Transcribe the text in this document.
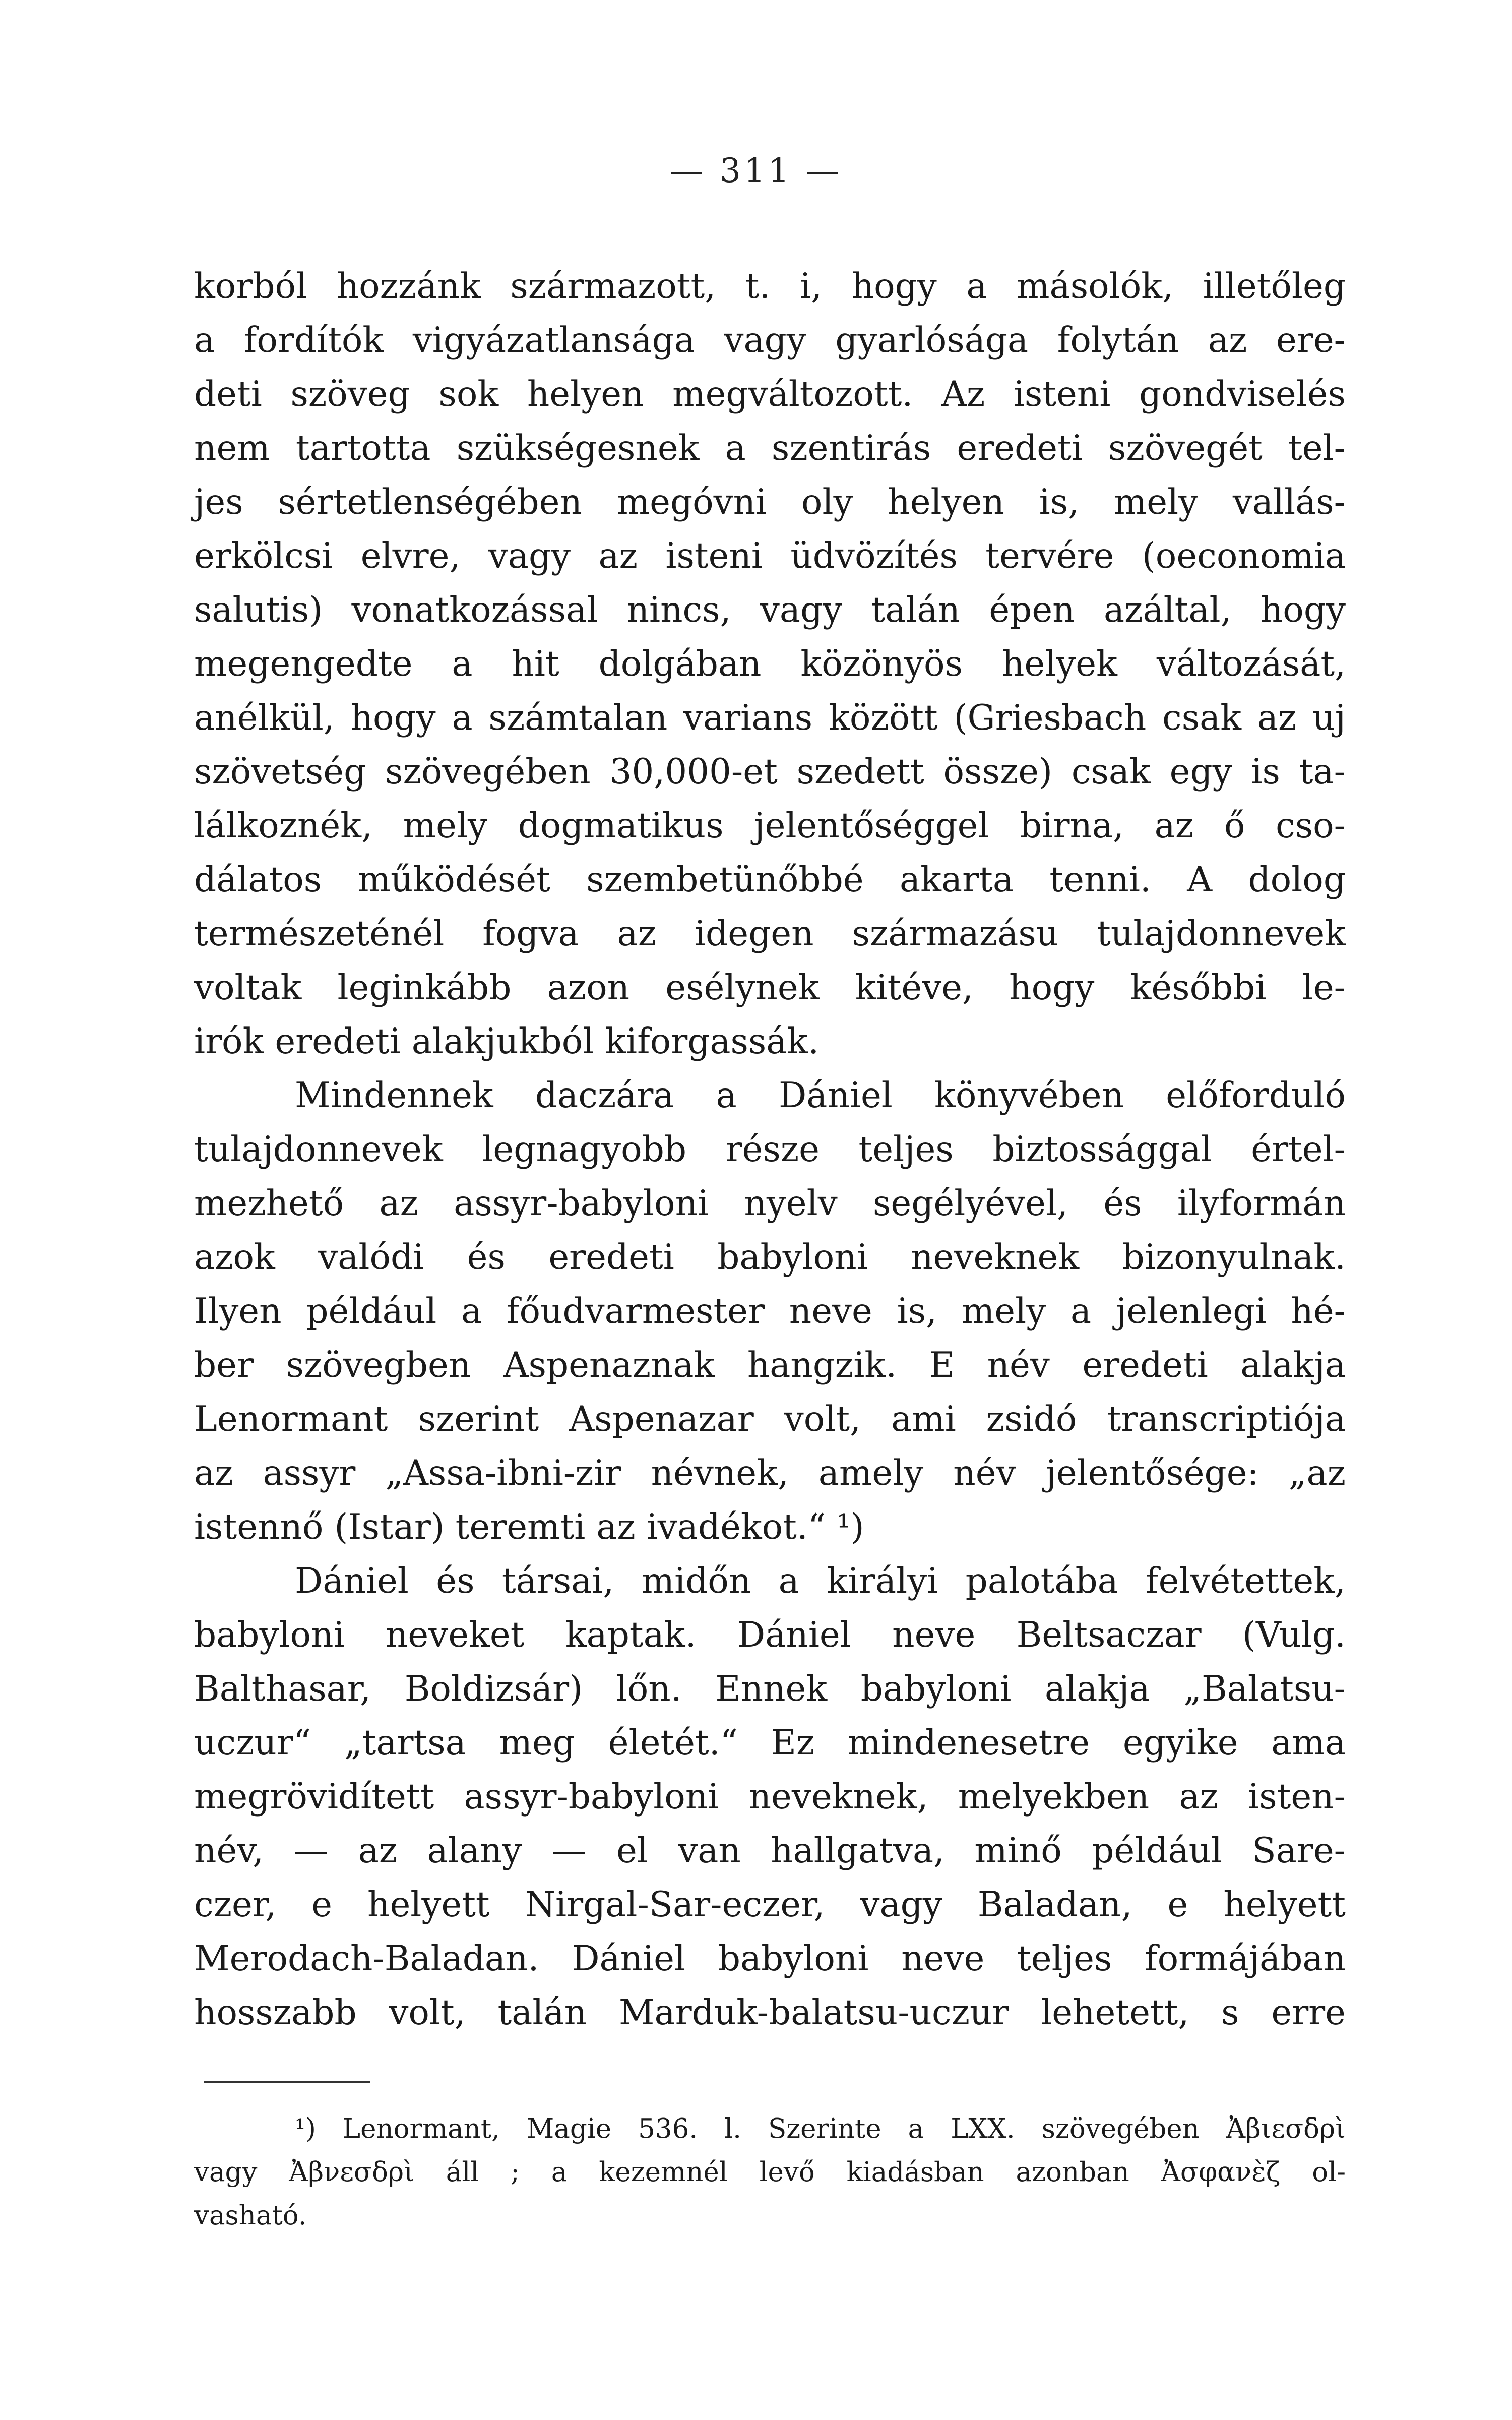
— 311 —
korból hozzánk származott, t. i, hogy a másolók, illetőleg
a fordítók vigyázatlansága vagy gyarlósága folytán az ere-
deti szöveg sok helyen megváltozott. Az isteni gondviselés
nem tartotta szükségesnek a szentirás eredeti szövegét tel-
jes sértetlenségében megóvni oly helyen is, mely vallás-
erkölcsi elvre, vagy az isteni üdvözítés tervére (oeconomia
salutis) vonatkozással nincs, vagy talán épen azáltal, hogy
megengedte a hit dolgában közönyös helyek változását,
anélkül, hogy a számtalan varians között (Griesbach csak az uj
szövetség szövegében 30,000-et szedett össze) csak egy is ta-
lálkoznék, mely dogmatikus jelentőséggel birna, az ő cso-
dálatos működését szembetünőbbé akarta tenni. A dolog
természeténél fogva az idegen származásu tulajdonnevek
voltak leginkább azon esélynek kitéve, hogy későbbi le-
irók eredeti alakjukból kiforgassák.
Mindennek daczára a Dániel könyvében előforduló
tulajdonnevek legnagyobb része teljes biztossággal értel-
mezhető az assyr-babyloni nyelv segélyével, és ilyformán
azok valódi és eredeti babyloni neveknek bizonyulnak.
Ilyen például a főudvarmester neve is, mely a jelenlegi hé-
ber szövegben Aspenaznak hangzik. E név eredeti alakja
Lenormant szerint Aspenazar volt, ami zsidó transcriptiója
az assyr „Assa-ibni-zir névnek, amely név jelentősége: „az
istennő (Istar) teremti az ivadékot.“ ¹)
Dániel és társai, midőn a királyi palotába felvétettek,
babyloni neveket kaptak. Dániel neve Beltsaczar (Vulg.
Balthasar, Boldizsár) lőn. Ennek babyloni alakja „Balatsu-
uczur“ „tartsa meg életét.“ Ez mindenesetre egyike ama
megrövidített assyr-babyloni neveknek, melyekben az isten-
név, — az alany — el van hallgatva, minő például Sare-
czer, e helyett Nirgal-Sar-eczer, vagy Baladan, e helyett
Merodach-Baladan. Dániel babyloni neve teljes formájában
hosszabb volt, talán Marduk-balatsu-uczur lehetett, s erre
¹) Lenormant, Magie 536. l. Szerinte a LXX. szövegében Ἀβιεσδρὶ
vagy Ἀβνεσδρὶ áll ; a kezemnél levő kiadásban azonban Ἀσφανὲζ ol-
vasható.
